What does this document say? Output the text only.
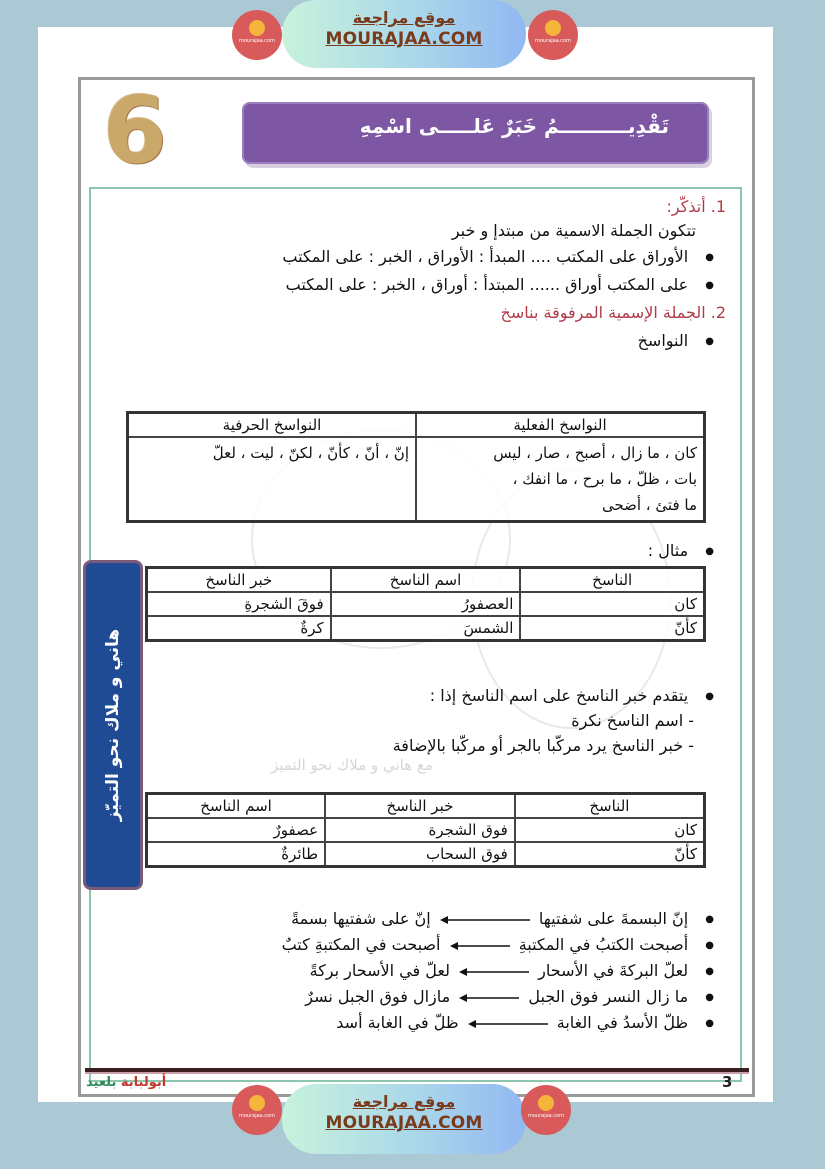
mourajaa.com
موقع مراجعة
MOURAJAA.COM	mourajaa.com
6	تَقْدِيــــــــــمُ خَبَرٌ عَلـــــى اسْمِهِ
1. أتذكّر:
تتكون الجملة الاسمية من مبتدإ و خبر
● الأوراق على المكتب .... المبدأ : الأوراق ، الخبر : على المكتب
● على المكتب أوراق ...... المبتدأ : أوراق ، الخبر : على المكتب
2. الجملة الإسمية المرفوقة بناسخ
● النواسخ
النواسخ الفعلية	النواسخ الحرفية

كان ، ما زال ، أصبح ، صار ، ليس
بات ، ظلّ ، ما برح ، ما انفك ،
ما فتئ ، أضحى	إنّ ، أنّ ، كأنّ ، لكنّ ، ليت ، لعلّ
● مثال :
الناسخ	اسم الناسخ	خبر الناسخ
كان	العصفورُ	فوقَ الشجرةِ
كأنّ	الشمسَ	كرةٌ
● يتقدم خبر الناسخ على اسم الناسخ إذا :
- اسم الناسخ نكرة
- خبر الناسخ يرد مركّبا بالجر أو مركّبا بالإضافة
مع هاني و ملاك نحو التميز
الناسخ	خبر الناسخ	اسم الناسخ
كان	فوق الشجرة	عصفورٌ
كأنّ	فوق السحاب	طائرةٌ
● إنّ البسمةَ على شفتيها  إنّ على شفتيها بسمةً
● أصبحت الكتبُ في المكتبةِ  أصبحت في المكتبةِ كتبٌ
● لعلّ البركةَ في الأسحار  لعلّ في الأسحار بركةً
● ما زال النسر فوق الجبل  مازال فوق الجبل نسرٌ
● ظلّ الأسدُ في الغابة  ظلّ في الغابة أسد
هاني و ملاك نحو التميّز
أبولبابة بلعيد	3
mourajaa.com
موقع مراجعة
MOURAJAA.COM	mourajaa.com
